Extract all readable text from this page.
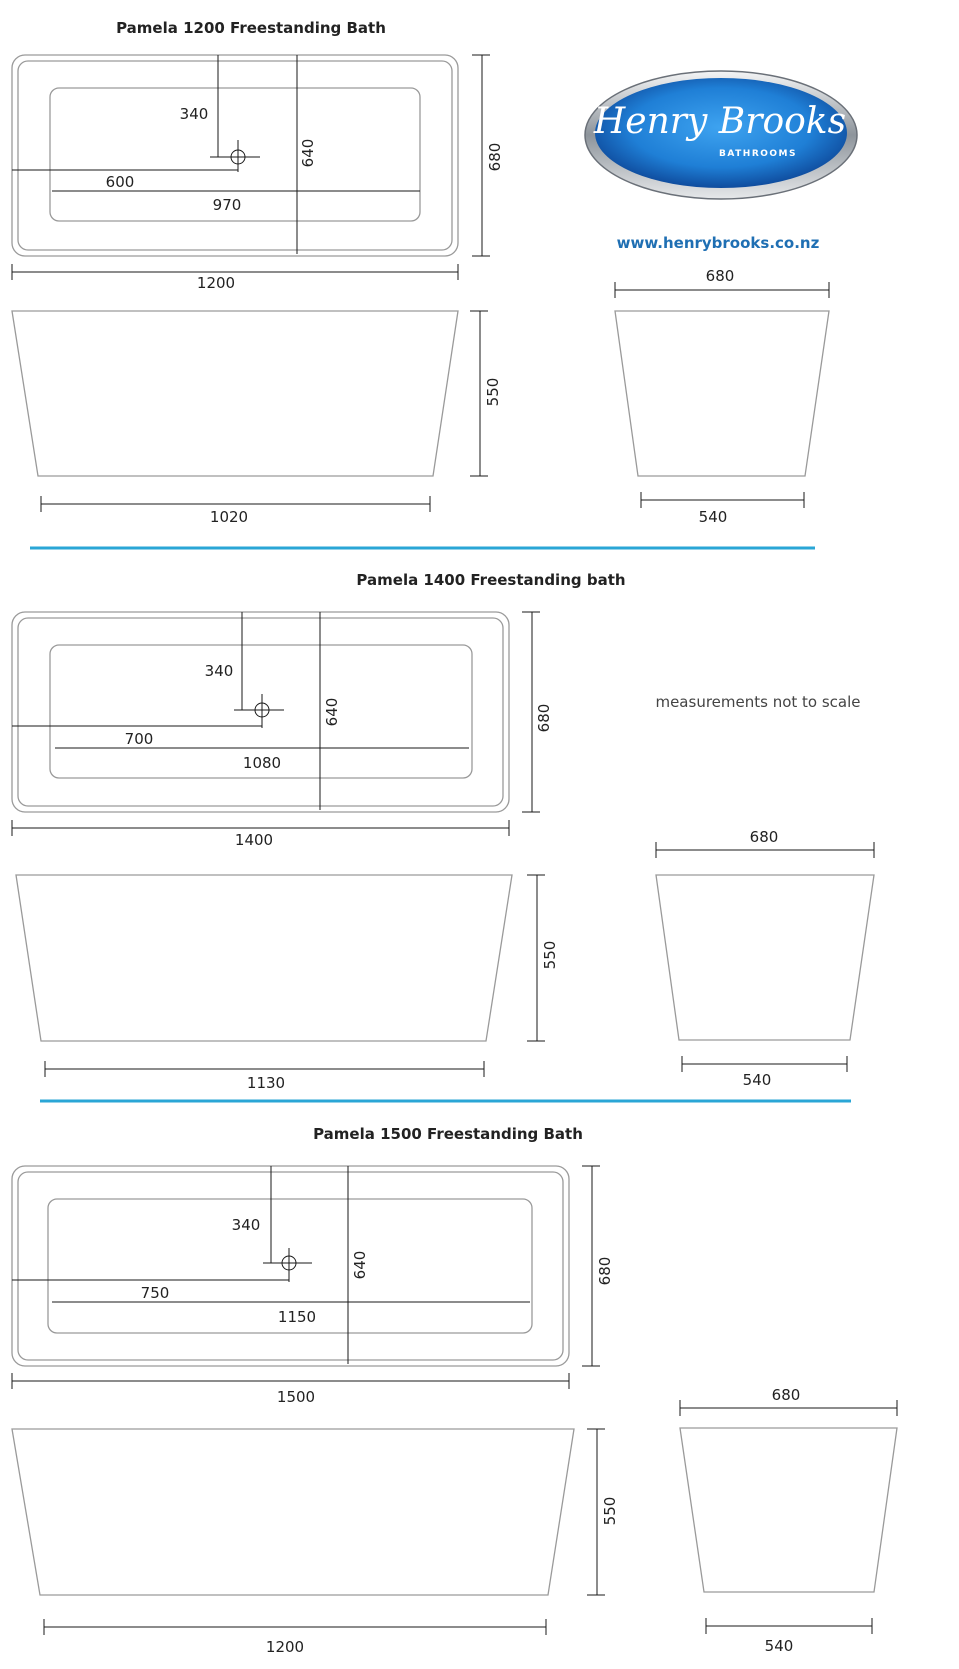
Henry Brooks
BATHROOMS
www.henrybrooks.co.nz
measurements not to scale
Pamela 1200 Freestanding Bath
340
600
970
640	680
1200
550
1020
680
540
Pamela 1400 Freestanding bath
340
700
1080
640	680
1400
550
1130
680
540
Pamela 1500 Freestanding Bath
340
750
1150
640	680
1500
550
1200
680
540
